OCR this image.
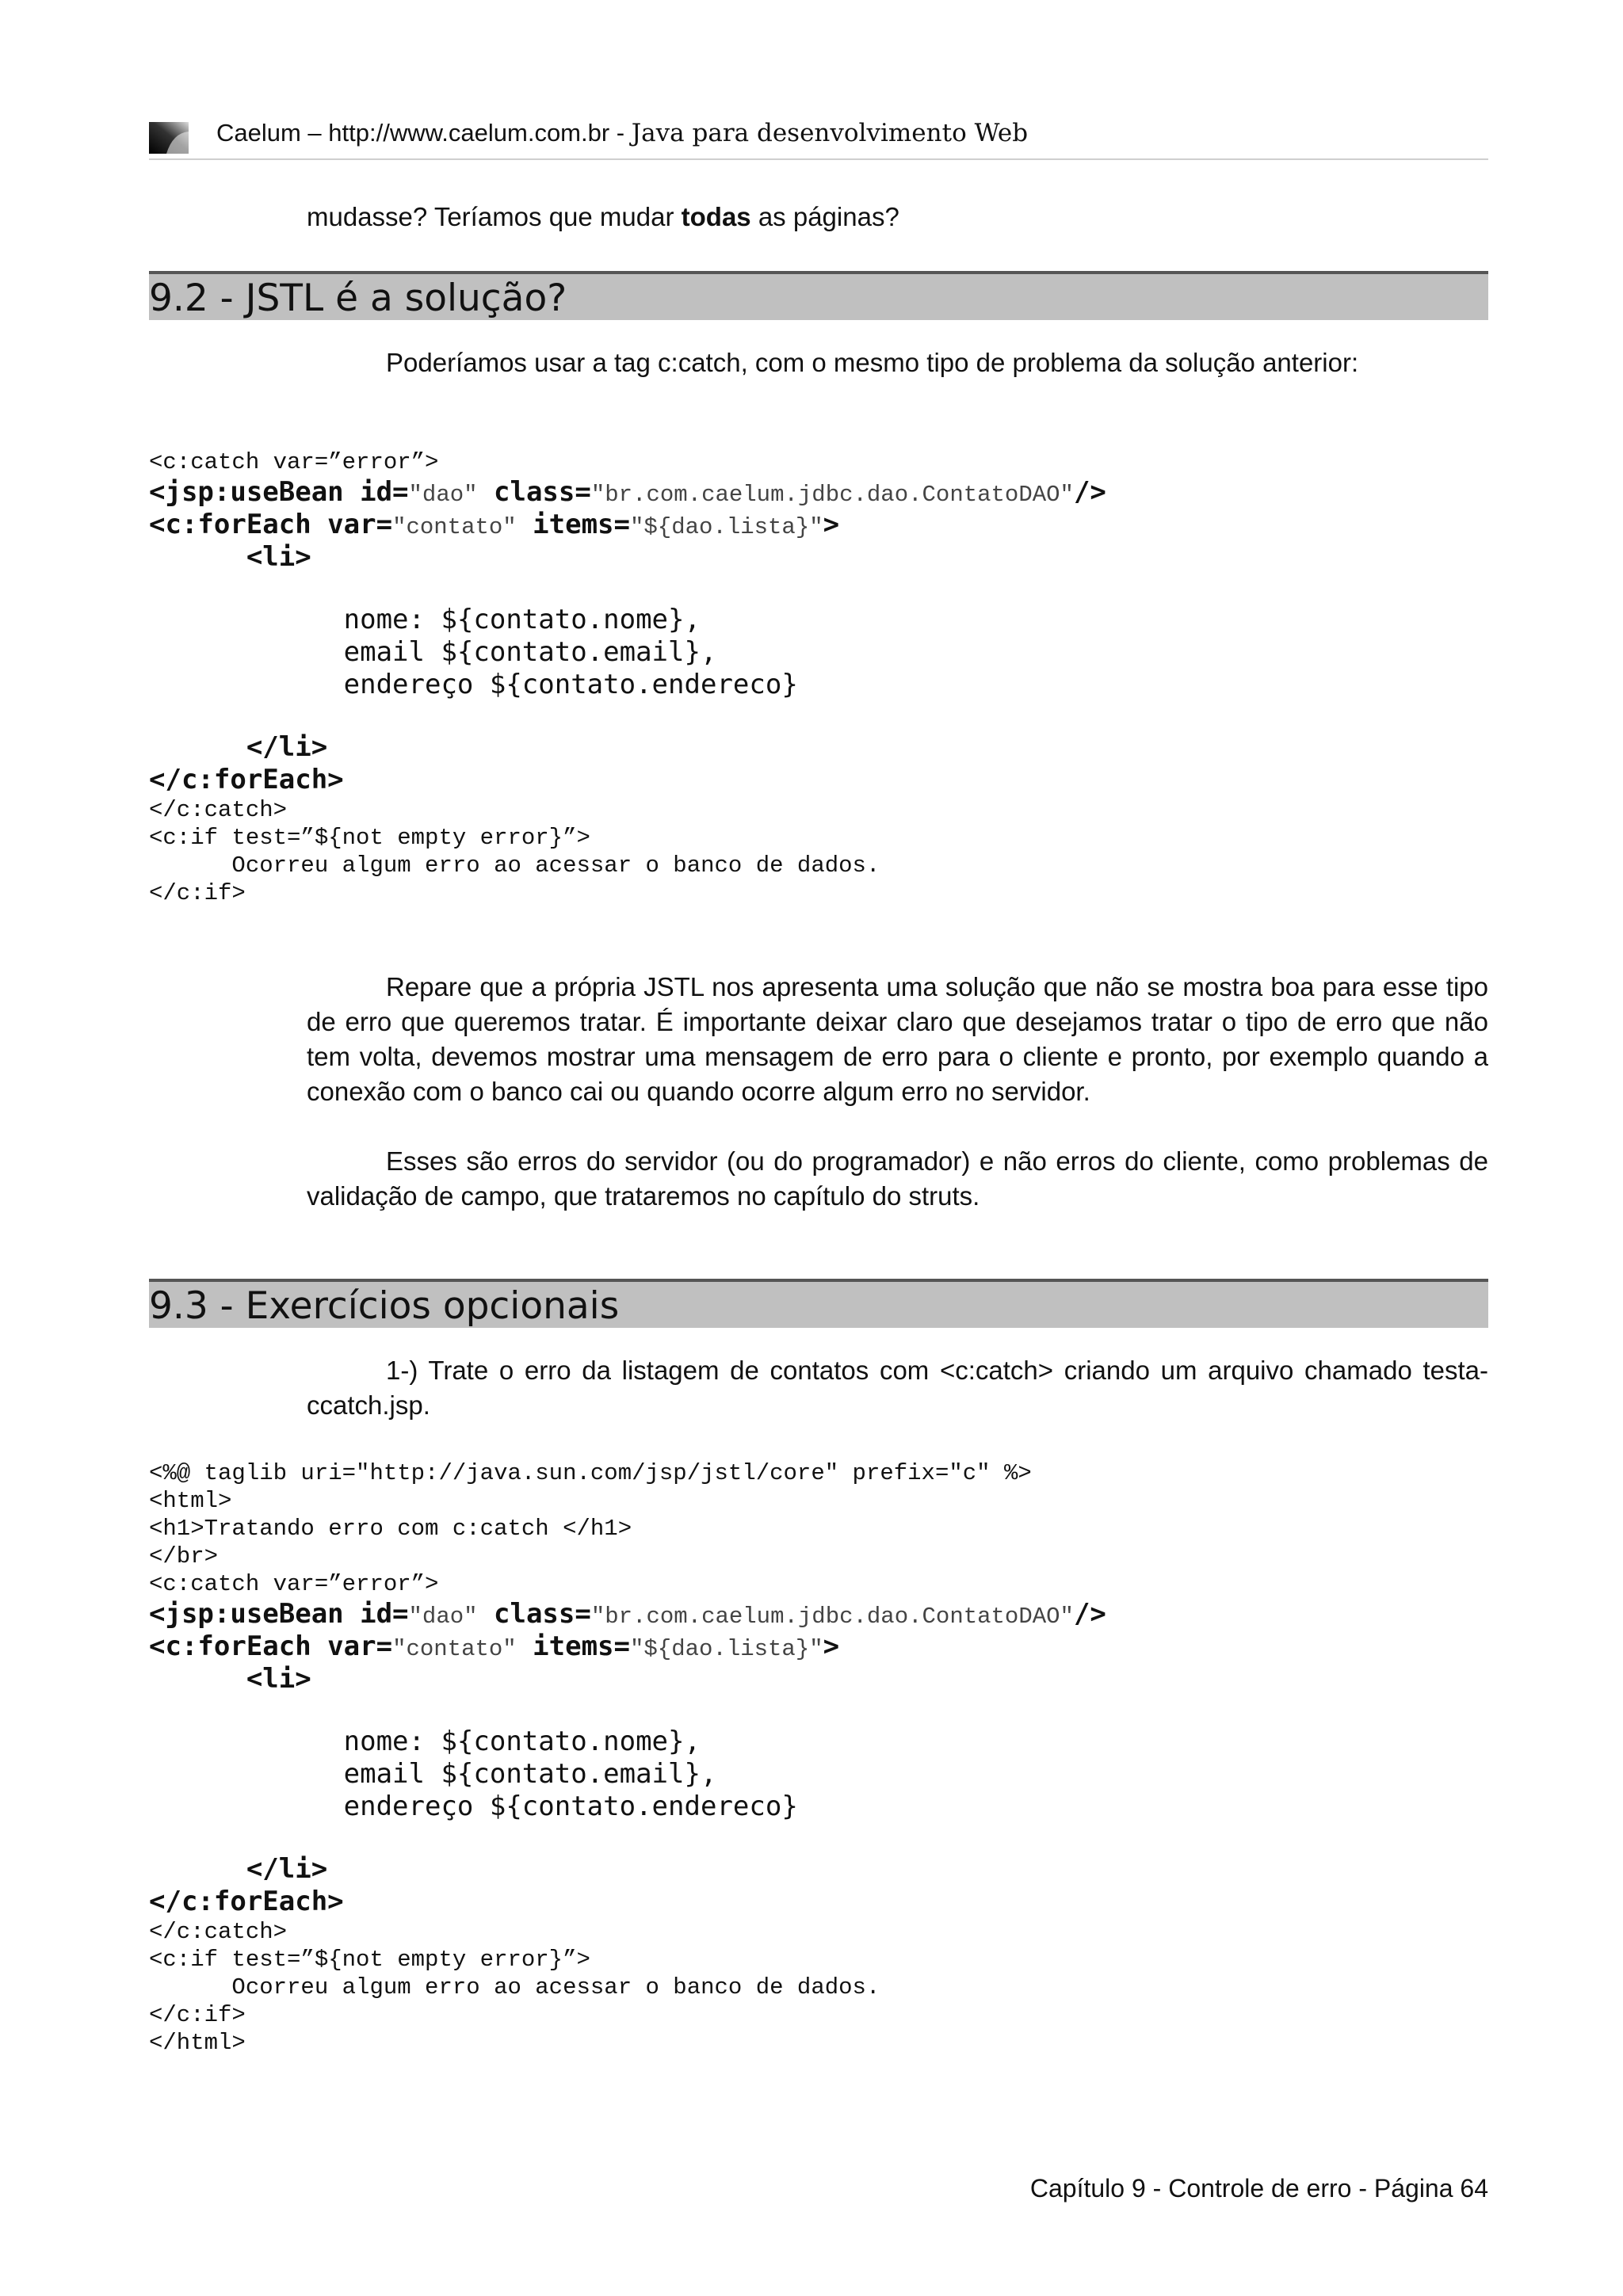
Caelum – http://www.caelum.com.br - Java para desenvolvimento Web
mudasse? Teríamos que mudar todas as páginas?
9.2 - JSTL é a solução?
Poderíamos usar a tag c:catch, com o mesmo tipo de problema da solução anterior:
<c:catch var=”error”>
<jsp:useBean id="dao" class="br.com.caelum.jdbc.dao.ContatoDAO"/>
<c:forEach var="contato" items="${dao.lista}">
<li>
nome: ${contato.nome},
email ${contato.email},
endereço ${contato.endereco}
</li>
</c:forEach>
</c:catch>
<c:if test=”${not empty error}”>
Ocorreu algum erro ao acessar o banco de dados.
</c:if>
Repare que a própria JSTL nos apresenta uma solução que não se mostra boa para esse tipo de erro que queremos tratar. É importante deixar claro que desejamos tratar o tipo de erro que não tem volta, devemos mostrar uma mensagem de erro para o cliente e pronto, por exemplo quando a conexão com o banco cai ou quando ocorre algum erro no servidor.
Esses são erros do servidor (ou do programador) e não erros do cliente, como problemas de validação de campo, que trataremos no capítulo do struts.
9.3 - Exercícios opcionais
1-) Trate o erro da listagem de contatos com <c:catch> criando um arquivo chamado testa-ccatch.jsp.
<%@ taglib uri="http://java.sun.com/jsp/jstl/core" prefix="c" %>
<html>
<h1>Tratando erro com c:catch </h1>
</br>
<c:catch var=”error”>
<jsp:useBean id="dao" class="br.com.caelum.jdbc.dao.ContatoDAO"/>
<c:forEach var="contato" items="${dao.lista}">
<li>
nome: ${contato.nome},
email ${contato.email},
endereço ${contato.endereco}
</li>
</c:forEach>
</c:catch>
<c:if test=”${not empty error}”>
Ocorreu algum erro ao acessar o banco de dados.
</c:if>
</html>
Capítulo 9 - Controle de erro - Página 64
